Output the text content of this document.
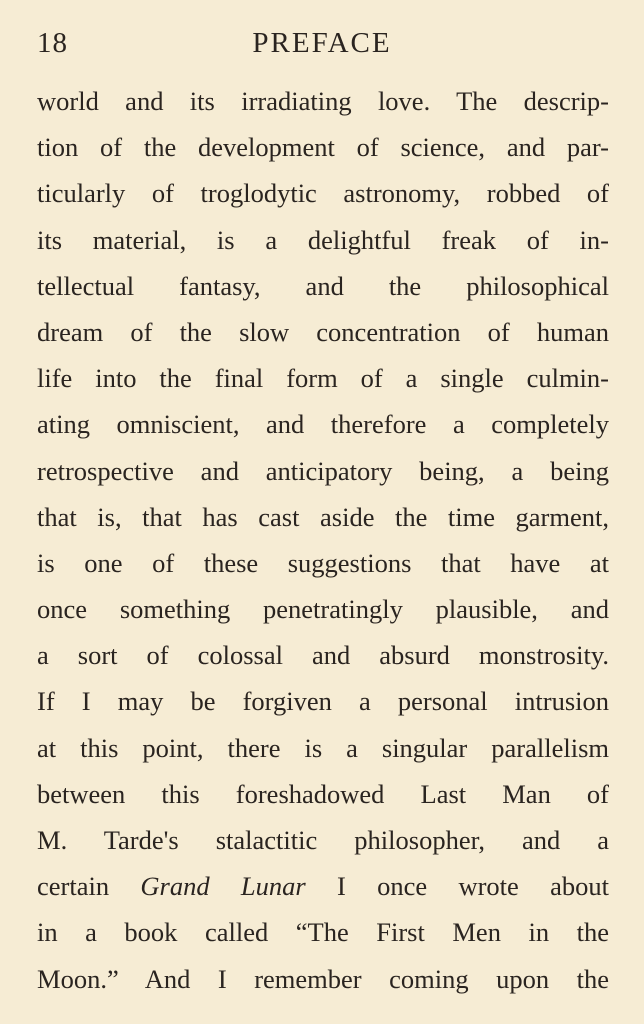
18	PREFACE
world and its irradiating love. The descrip-
tion of the development of science, and par-
ticularly of troglodytic astronomy, robbed of
its material, is a delightful freak of in-
tellectual fantasy, and the philosophical
dream of the slow concentration of human
life into the final form of a single culmin-
ating omniscient, and therefore a completely
retrospective and anticipatory being, a being
that is, that has cast aside the time garment,
is one of these suggestions that have at
once something penetratingly plausible, and
a sort of colossal and absurd monstrosity.
If I may be forgiven a personal intrusion
at this point, there is a singular parallelism
between this foreshadowed Last Man of
M. Tarde's stalactitic philosopher, and a
certain Grand Lunar I once wrote about
in a book called “The First Men in the
Moon.” And I remember coming upon the
